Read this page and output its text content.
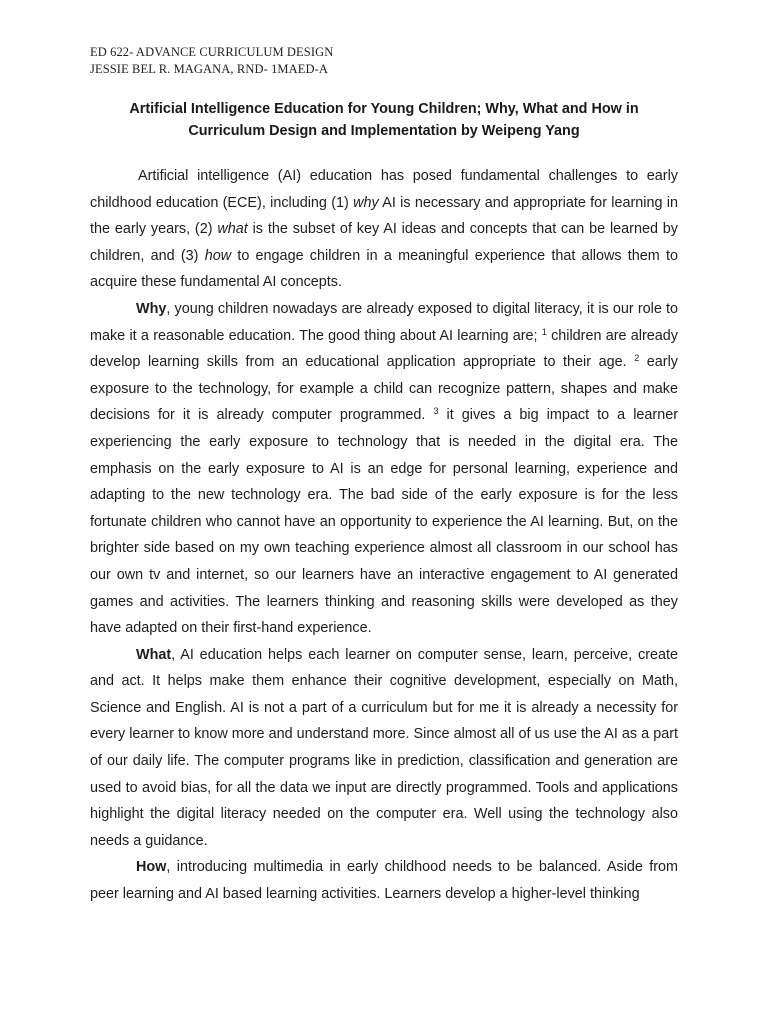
ED 622- ADVANCE CURRICULUM DESIGN
JESSIE BEL R. MAGANA, RND- 1MAED-A
Artificial Intelligence Education for Young Children; Why, What and How in
Curriculum Design and Implementation by Weipeng Yang

Artificial intelligence (AI) education has posed fundamental challenges to early childhood education (ECE), including (1) why AI is necessary and appropriate for learning in the early years, (2) what is the subset of key AI ideas and concepts that can be learned by children, and (3) how to engage children in a meaningful experience that allows them to acquire these fundamental AI concepts.

Why, young children nowadays are already exposed to digital literacy, it is our role to make it a reasonable education. The good thing about AI learning are; $^1$ children are already develop learning skills from an educational application appropriate to their age. $^2$ early exposure to the technology, for example a child can recognize pattern, shapes and make decisions for it is already computer programmed. $^3$ it gives a big impact to a learner experiencing the early exposure to technology that is needed in the digital era. The emphasis on the early exposure to AI is an edge for personal learning, experience and adapting to the new technology era. The bad side of the early exposure is for the less fortunate children who cannot have an opportunity to experience the AI learning. But, on the brighter side based on my own teaching experience almost all classroom in our school has our own tv and internet, so our learners have an interactive engagement to AI generated games and activities. The learners thinking and reasoning skills were developed as they have adapted on their first-hand experience.

What, AI education helps each learner on computer sense, learn, perceive, create and act. It helps make them enhance their cognitive development, especially on Math, Science and English. AI is not a part of a curriculum but for me it is already a necessity for every learner to know more and understand more. Since almost all of us use the AI as a part of our daily life. The computer programs like in prediction, classification and generation are used to avoid bias, for all the data we input are directly programmed. Tools and applications highlight the digital literacy needed on the computer era. Well using the technology also needs a guidance.

How, introducing multimedia in early childhood needs to be balanced. Aside from peer learning and AI based learning activities. Learners develop a higher-level thinking
